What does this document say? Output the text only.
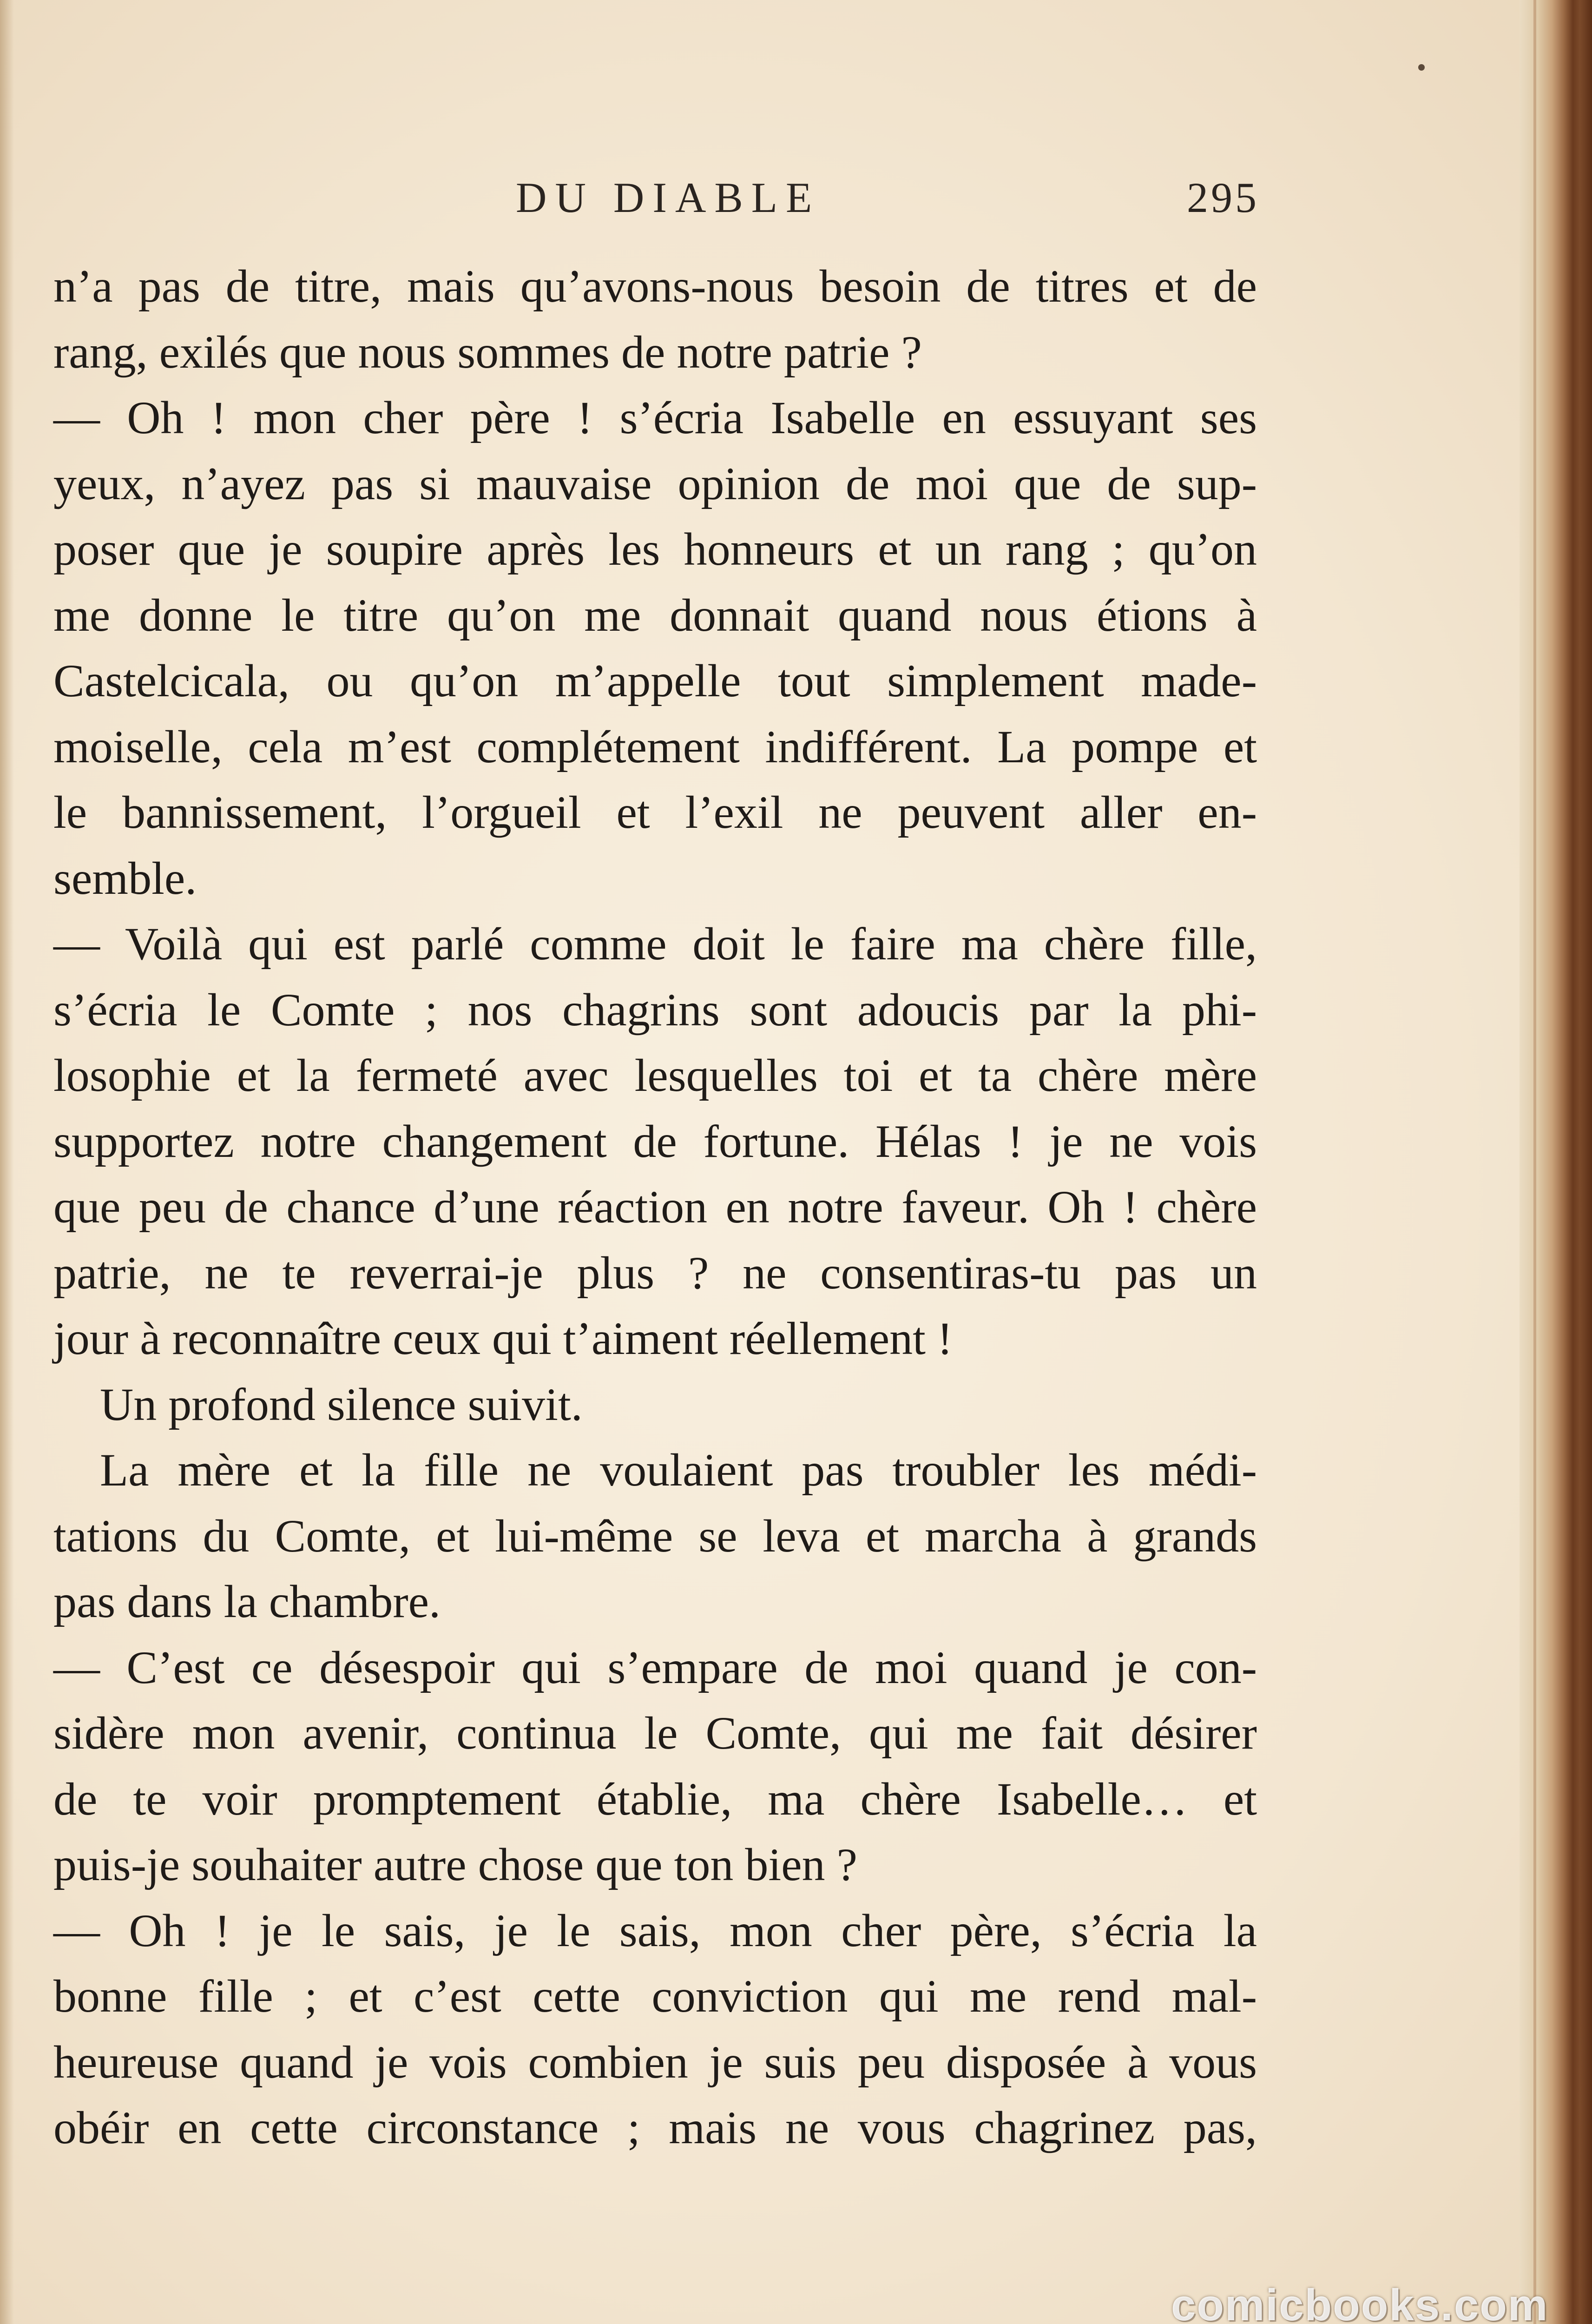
DU DIABLE	295
n’a pas de titre, mais qu’avons-nous besoin de titres et de
rang, exilés que nous sommes de notre patrie ?
— Oh ! mon cher père ! s’écria Isabelle en essuyant ses
yeux, n’ayez pas si mauvaise opinion de moi que de sup-
poser que je soupire après les honneurs et un rang ; qu’on
me donne le titre qu’on me donnait quand nous étions à
Castelcicala, ou qu’on m’appelle tout simplement made-
moiselle, cela m’est complétement indifférent. La pompe et
le bannissement, l’orgueil et l’exil ne peuvent aller en-
semble.
— Voilà qui est parlé comme doit le faire ma chère fille,
s’écria le Comte ; nos chagrins sont adoucis par la phi-
losophie et la fermeté avec lesquelles toi et ta chère mère
supportez notre changement de fortune. Hélas ! je ne vois
que peu de chance d’une réaction en notre faveur. Oh ! chère
patrie, ne te reverrai-je plus ? ne consentiras-tu pas un
jour à reconnaître ceux qui t’aiment réellement !
Un profond silence suivit.
La mère et la fille ne voulaient pas troubler les médi-
tations du Comte, et lui-même se leva et marcha à grands
pas dans la chambre.
— C’est ce désespoir qui s’empare de moi quand je con-
sidère mon avenir, continua le Comte, qui me fait désirer
de te voir promptement établie, ma chère Isabelle… et
puis-je souhaiter autre chose que ton bien ?
— Oh ! je le sais, je le sais, mon cher père, s’écria la
bonne fille ; et c’est cette conviction qui me rend mal-
heureuse quand je vois combien je suis peu disposée à vous
obéir en cette circonstance ; mais ne vous chagrinez pas,
comicbooks.com
